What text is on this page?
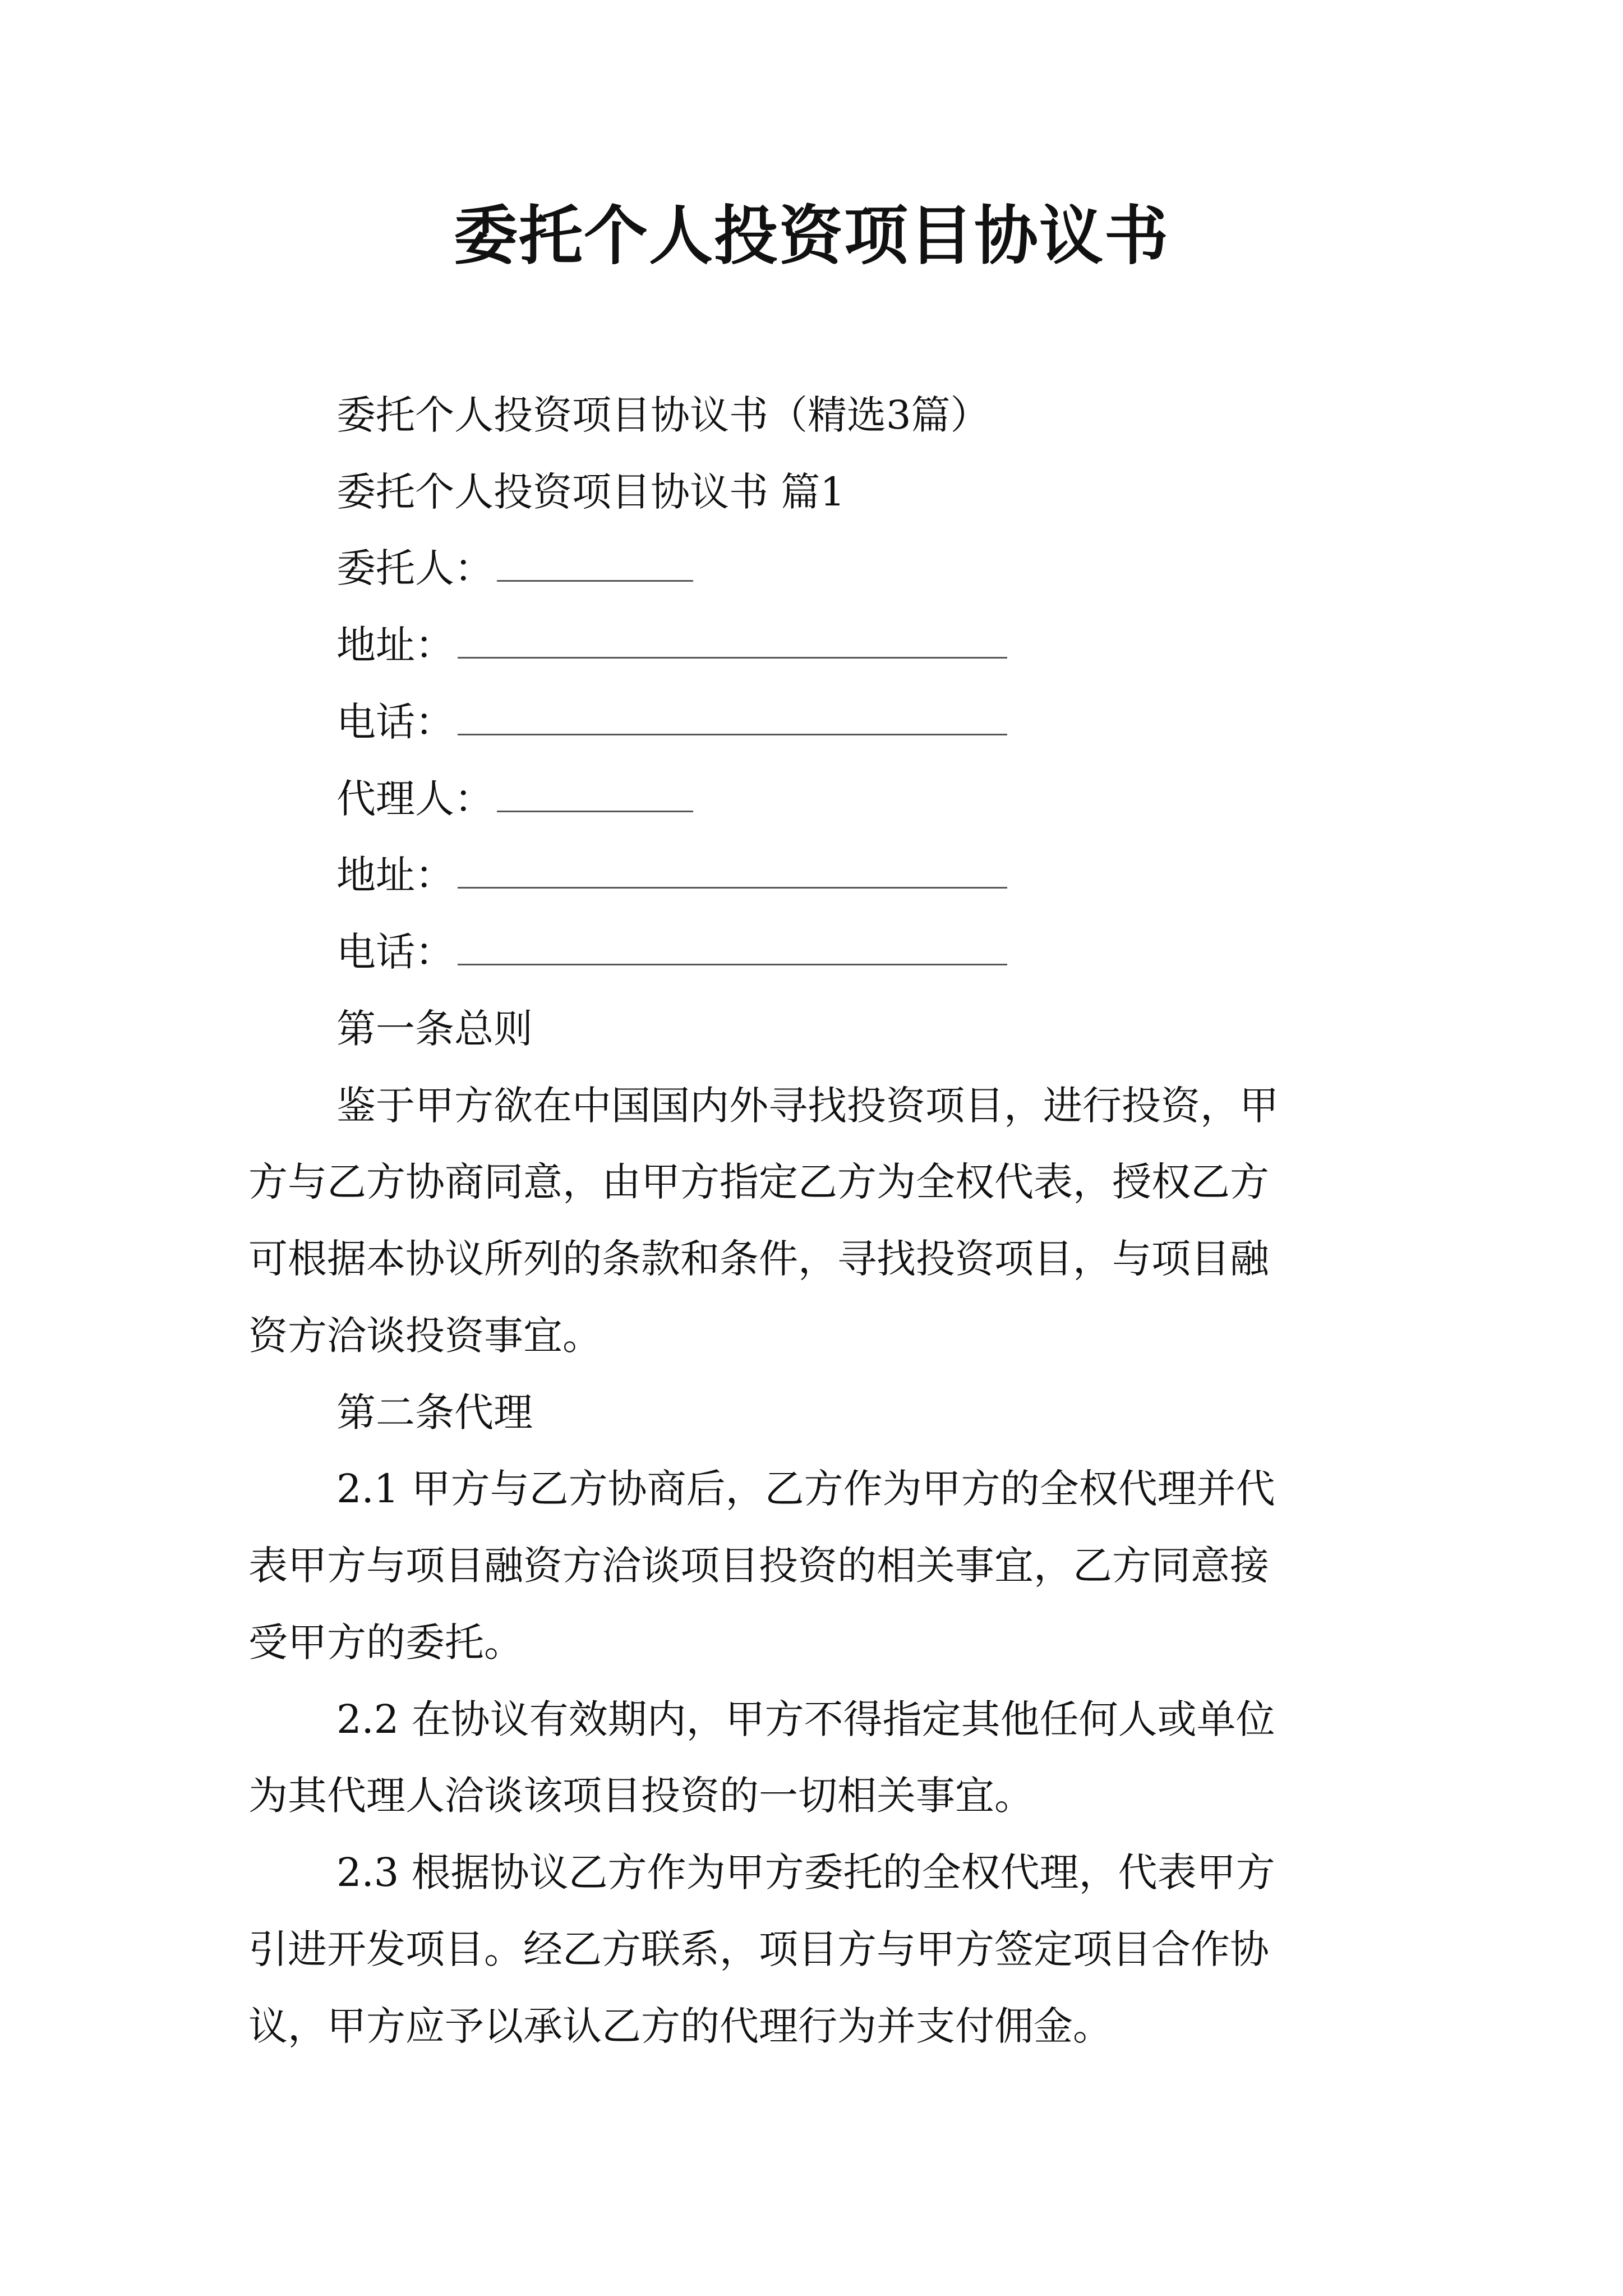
委托个人投资项目协议书
委托个人投资项目协议书（精选3篇）
委托个人投资项目协议书 篇1
委托人：
地址：
电话：
代理人：
地址：
电话：
第一条总则
鉴于甲方欲在中国国内外寻找投资项目，进行投资，甲
方与乙方协商同意，由甲方指定乙方为全权代表，授权乙方
可根据本协议所列的条款和条件，寻找投资项目，与项目融
资方洽谈投资事宜。
第二条代理
2.1 甲方与乙方协商后，乙方作为甲方的全权代理并代
表甲方与项目融资方洽谈项目投资的相关事宜，乙方同意接
受甲方的委托。
2.2 在协议有效期内，甲方不得指定其他任何人或单位
为其代理人洽谈该项目投资的一切相关事宜。
2.3 根据协议乙方作为甲方委托的全权代理，代表甲方
引进开发项目。经乙方联系，项目方与甲方签定项目合作协
议，甲方应予以承认乙方的代理行为并支付佣金。
